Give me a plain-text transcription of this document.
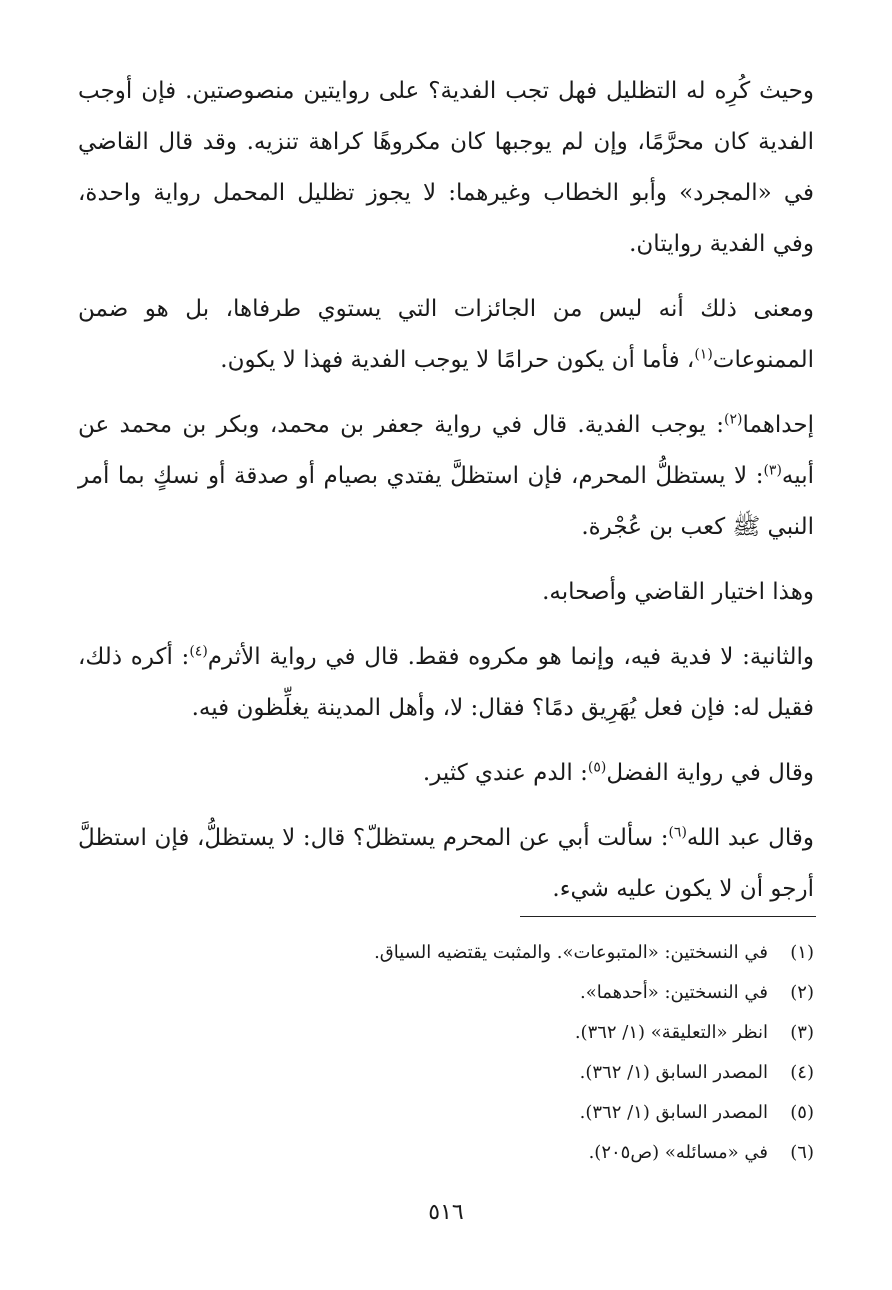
وحيث كُرِه له التظليل فهل تجب الفدية؟ على روايتين منصوصتين. فإن أوجب الفدية كان محرَّمًا، وإن لم يوجبها كان مكروهًا كراهة تنزيه. وقد قال القاضي في «المجرد» وأبو الخطاب وغيرهما: لا يجوز تظليل المحمل رواية واحدة، وفي الفدية روايتان.

ومعنى ذلك أنه ليس من الجائزات التي يستوي طرفاها، بل هو ضمن الممنوعات$^{(١)}$، فأما أن يكون حرامًا لا يوجب الفدية فهذا لا يكون.

إحداهما$^{(٢)}$: يوجب الفدية. قال في رواية جعفر بن محمد، وبكر بن محمد عن أبيه$^{(٣)}$: لا يستظلُّ المحرم، فإن استظلَّ يفتدي بصيام أو صدقة أو نسكٍ بما أمر النبي ﷺ كعب بن عُجْرة.

وهذا اختيار القاضي وأصحابه.

والثانية: لا فدية فيه، وإنما هو مكروه فقط. قال في رواية الأثرم$^{(٤)}$: أكره ذلك، فقيل له: فإن فعل يُهَرِيق دمًا؟ فقال: لا، وأهل المدينة يغلِّظون فيه.

وقال في رواية الفضل$^{(٥)}$: الدم عندي كثير.

وقال عبد الله$^{(٦)}$: سألت أبي عن المحرم يستظلّ؟ قال: لا يستظلُّ، فإن استظلَّ أرجو أن لا يكون عليه شيء.

(١)
في النسختين: «المتبوعات». والمثبت يقتضيه السياق.
(٢)
في النسختين: «أحدهما».
(٣)
انظر «التعليقة» (١/ ٣٦٢).
(٤)
المصدر السابق (١/ ٣٦٢).
(٥)
المصدر السابق (١/ ٣٦٢).
(٦)
في «مسائله» (ص٢٠٥).
٥١٦
